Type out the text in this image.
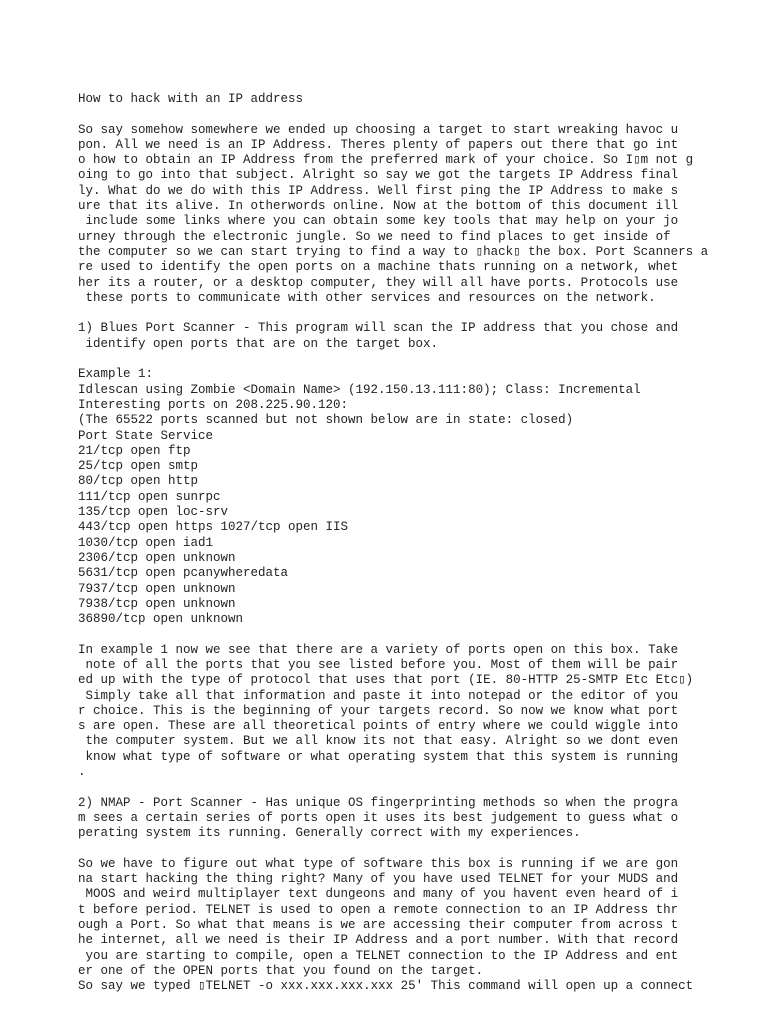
How to hack with an IP address
So say somehow somewhere we ended up choosing a target to start wreaking havoc u
pon. All we need is an IP Address. Theres plenty of papers out there that go int
o how to obtain an IP Address from the preferred mark of your choice. So I▯m not g
oing to go into that subject. Alright so say we got the targets IP Address final
ly. What do we do with this IP Address. Well first ping the IP Address to make s
ure that its alive. In otherwords online. Now at the bottom of this document ill
include some links where you can obtain some key tools that may help on your jo
urney through the electronic jungle. So we need to find places to get inside of
the computer so we can start trying to find a way to ▯hack▯ the box. Port Scanners a
re used to identify the open ports on a machine thats running on a network, whet
her its a router, or a desktop computer, they will all have ports. Protocols use
these ports to communicate with other services and resources on the network.
1) Blues Port Scanner - This program will scan the IP address that you chose and
identify open ports that are on the target box.
Example 1:
Idlescan using Zombie <Domain Name> (192.150.13.111:80); Class: Incremental
Interesting ports on 208.225.90.120:
(The 65522 ports scanned but not shown below are in state: closed)
Port State Service
21/tcp open ftp
25/tcp open smtp
80/tcp open http
111/tcp open sunrpc
135/tcp open loc-srv
443/tcp open https 1027/tcp open IIS
1030/tcp open iad1
2306/tcp open unknown
5631/tcp open pcanywheredata
7937/tcp open unknown
7938/tcp open unknown
36890/tcp open unknown
In example 1 now we see that there are a variety of ports open on this box. Take
note of all the ports that you see listed before you. Most of them will be pair
ed up with the type of protocol that uses that port (IE. 80-HTTP 25-SMTP Etc Etc▯)
Simply take all that information and paste it into notepad or the editor of you
r choice. This is the beginning of your targets record. So now we know what port
s are open. These are all theoretical points of entry where we could wiggle into
the computer system. But we all know its not that easy. Alright so we dont even
know what type of software or what operating system that this system is running
.
2) NMAP - Port Scanner - Has unique OS fingerprinting methods so when the progra
m sees a certain series of ports open it uses its best judgement to guess what o
perating system its running. Generally correct with my experiences.
So we have to figure out what type of software this box is running if we are gon
na start hacking the thing right? Many of you have used TELNET for your MUDS and
MOOS and weird multiplayer text dungeons and many of you havent even heard of i
t before period. TELNET is used to open a remote connection to an IP Address thr
ough a Port. So what that means is we are accessing their computer from across t
he internet, all we need is their IP Address and a port number. With that record
you are starting to compile, open a TELNET connection to the IP Address and ent
er one of the OPEN ports that you found on the target.
So say we typed ▯TELNET -o xxx.xxx.xxx.xxx 25' This command will open up a connect
